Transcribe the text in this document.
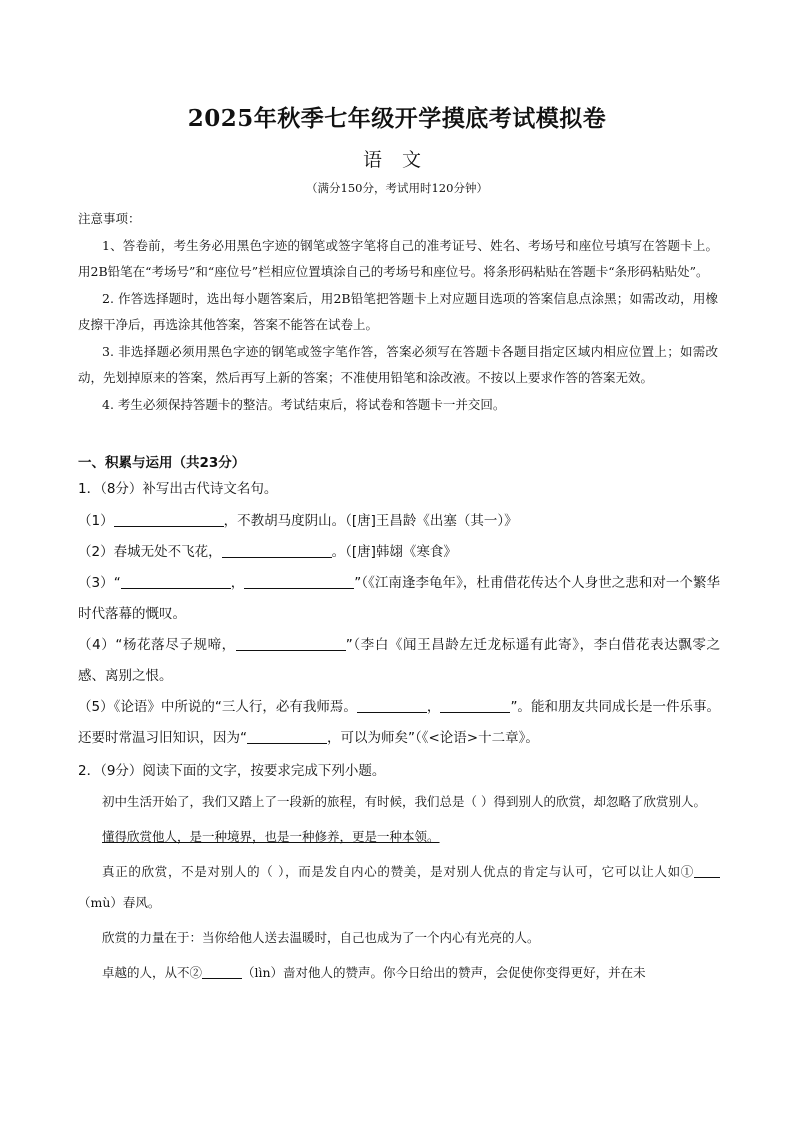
2025年秋季七年级开学摸底考试模拟卷
语文
（满分150分，考试用时120分钟）

注意事项：

1、答卷前，考生务必用黑色字迹的钢笔或签字笔将自己的准考证号、姓名、考场号和座位号填写在答题卡上。用2B铅笔在“考场号”和“座位号”栏相应位置填涂自己的考场号和座位号。将条形码粘贴在答题卡“条形码粘贴处”。

2. 作答选择题时，选出每小题答案后，用2B铅笔把答题卡上对应题目选项的答案信息点涂黑；如需改动，用橡皮擦干净后，再选涂其他答案，答案不能答在试卷上。

3. 非选择题必须用黑色字迹的钢笔或签字笔作答，答案必须写在答题卡各题目指定区域内相应位置上；如需改动，先划掉原来的答案，然后再写上新的答案；不准使用铅笔和涂改液。不按以上要求作答的答案无效。

4. 考生必须保持答题卡的整洁。考试结束后，将试卷和答题卡一并交回。

一、积累与运用（共23分）
1．（8分）补写出古代诗文名句。
（1）	，不教胡马度阴山。（[唐]王昌龄《出塞（其一）》
（2）春城无处不飞花，	。（[唐]韩翃《寒食》
（3）“	，	”（《江南逢李龟年》，杜甫借花传达个人身世之悲和对一个繁华时代落幕的慨叹。
（4）“杨花落尽子规啼，	”（李白《闻王昌龄左迁龙标遥有此寄》，李白借花表达飘零之感、离别之恨。
（5）《论语》中所说的“三人行，必有我师焉。	，	”。能和朋友共同成长是一件乐事。还要时常温习旧知识，因为“	，可以为师矣”（《<论语>十二章》。
2．（9分）阅读下面的文字，按要求完成下列小题。

初中生活开始了，我们又踏上了一段新的旅程，有时候，我们总是（ ）得到别人的欣赏，却忽略了欣赏别人。

懂得欣赏他人，是一种境界，也是一种修养，更是一种本领。

真正的欣赏，不是对别人的（ ），而是发自内心的赞美，是对别人优点的肯定与认可，它可以让人如①（mù）春风。

欣赏的力量在于：当你给他人送去温暖时，自己也成为了一个内心有光亮的人。

卓越的人，从不②	（lìn）啬对他人的赞声。你今日给出的赞声，会促使你变得更好，并在未
